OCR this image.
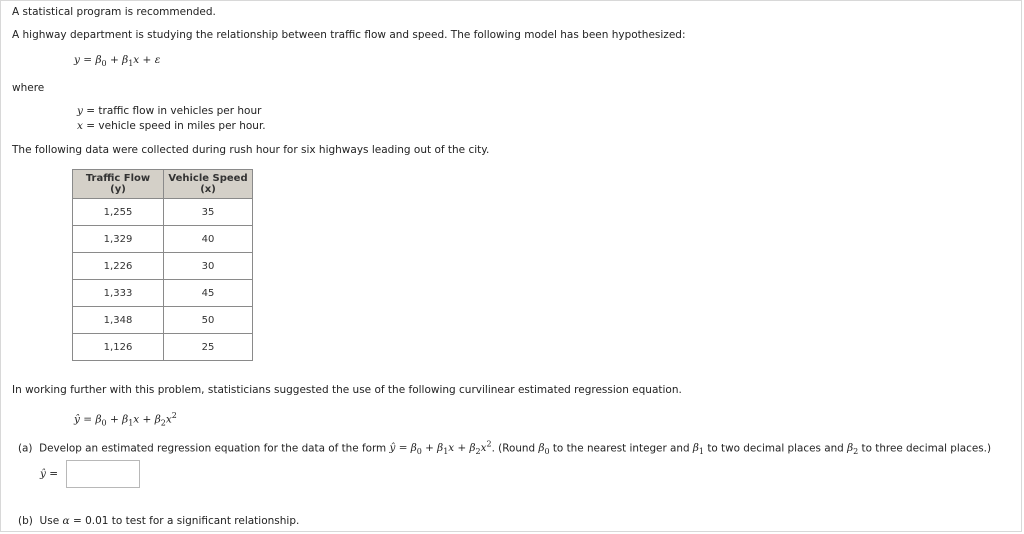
A statistical program is recommended.
A highway department is studying the relationship between traffic flow and speed. The following model has been hypothesized:
$y = \beta_0 + \beta_1x + \varepsilon$
where
y = traffic flow in vehicles per hour
x = vehicle speed in miles per hour.
The following data were collected during rush hour for six highways leading out of the city.
Traffic Flow
(y)	Vehicle Speed
(x)
1,255	35
1,329	40
1,226	30
1,333	45
1,348	50
1,126	25
In working further with this problem, statisticians suggested the use of the following curvilinear estimated regression equation.
ŷ = $\beta_0 + \beta_1x + \beta_2x^2$
(a) Develop an estimated regression equation for the data of the form ŷ = $\beta_0 + \beta_1x + \beta_2x^2$. (Round $\beta_0$ to the nearest integer and $\beta_1$ to two decimal places and $\beta_2$ to three decimal places.)
ŷ =
(b) Use α = 0.01 to test for a significant relationship.
